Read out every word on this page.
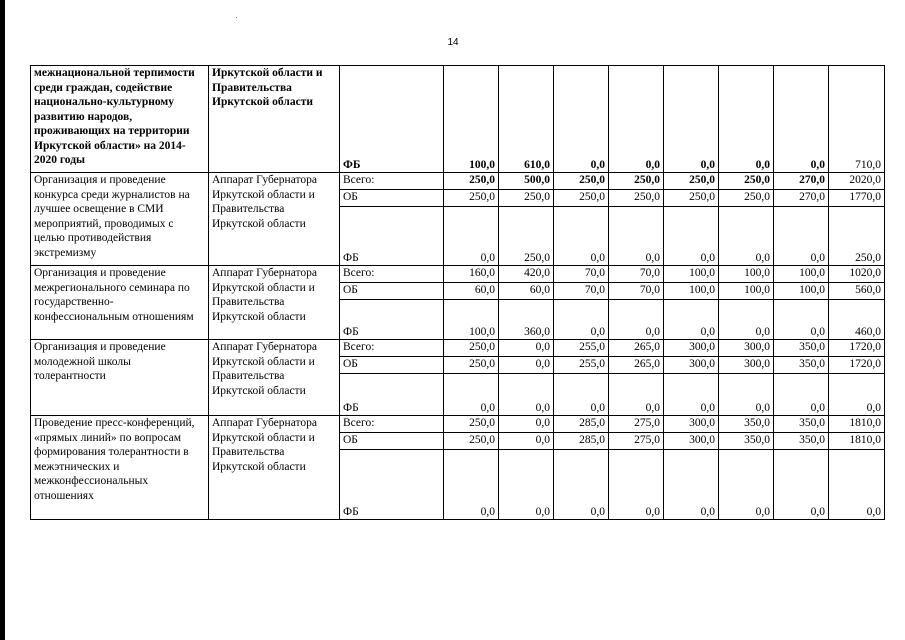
14
межнациональной терпимости среди граждан, содействие национально-культурному развитию народов, проживающих на территории Иркутской области» на 2014-2020 годы	Иркутской области и Правительства Иркутской области	ФБ	100,0	610,0	0,0	0,0	0,0	0,0	0,0	710,0
Организация и проведение конкурса среди журналистов на лучшее освещение в СМИ мероприятий, проводимых с целью противодействия экстремизму	Аппарат Губернатора Иркутской области и Правительства Иркутской области	Всего:	250,0	500,0	250,0	250,0	250,0	250,0	270,0	2020,0
		ОБ	250,0	250,0	250,0	250,0	250,0	250,0	270,0	1770,0
		ФБ	0,0	250,0	0,0	0,0	0,0	0,0	0,0	250,0
Организация и проведение межрегионального семинара по государственно-конфессиональным отношениям	Аппарат Губернатора Иркутской области и Правительства Иркутской области	Всего:	160,0	420,0	70,0	70,0	100,0	100,0	100,0	1020,0
		ОБ	60,0	60,0	70,0	70,0	100,0	100,0	100,0	560,0
		ФБ	100,0	360,0	0,0	0,0	0,0	0,0	0,0	460,0
Организация и проведение молодежной школы толерантности	Аппарат Губернатора Иркутской области и Правительства Иркутской области	Всего:	250,0	0,0	255,0	265,0	300,0	300,0	350,0	1720,0
		ОБ	250,0	0,0	255,0	265,0	300,0	300,0	350,0	1720,0
		ФБ	0,0	0,0	0,0	0,0	0,0	0,0	0,0	0,0
Проведение пресс-конференций, «прямых линий» по вопросам формирования толерантности в межэтнических и межконфессиональных отношениях	Аппарат Губернатора Иркутской области и Правительства Иркутской области	Всего:	250,0	0,0	285,0	275,0	300,0	350,0	350,0	1810,0
		ОБ	250,0	0,0	285,0	275,0	300,0	350,0	350,0	1810,0
		ФБ	0,0	0,0	0,0	0,0	0,0	0,0	0,0	0,0
